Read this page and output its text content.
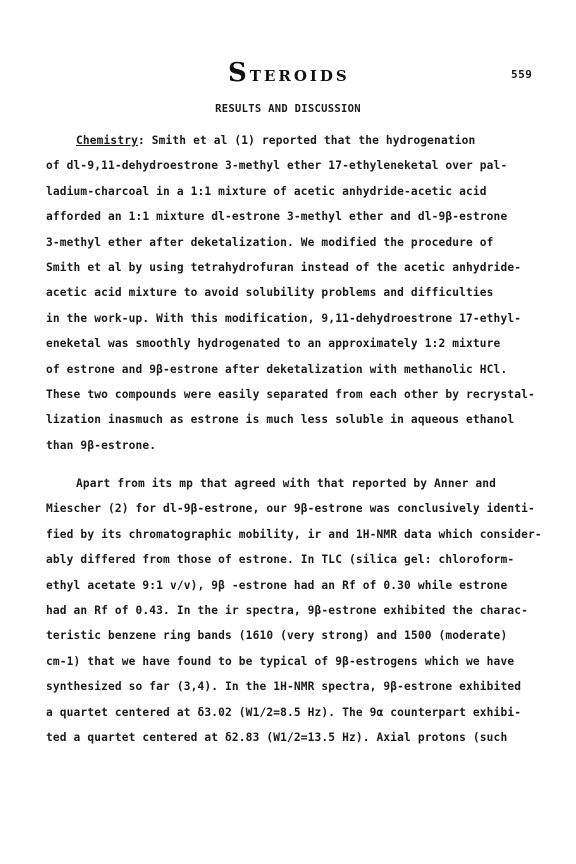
STEROIDS	559
RESULTS AND DISCUSSION
Chemistry: Smith et al (1) reported that the hydrogenation
of dl-9,11-dehydroestrone 3-methyl ether 17-ethyleneketal over pal-
ladium-charcoal in a 1:1 mixture of acetic anhydride-acetic acid
afforded an 1:1 mixture dl-estrone 3-methyl ether and dl-9β-estrone
3-methyl ether after deketalization. We modified the procedure of
Smith et al by using tetrahydrofuran instead of the acetic anhydride-
acetic acid mixture to avoid solubility problems and difficulties
in the work-up. With this modification, 9,11-dehydroestrone 17-ethyl-
eneketal was smoothly hydrogenated to an approximately 1:2 mixture
of estrone and 9β-estrone after deketalization with methanolic HCl.
These two compounds were easily separated from each other by recrystal-
lization inasmuch as estrone is much less soluble in aqueous ethanol
than 9β-estrone.
Apart from its mp that agreed with that reported by Anner and
Miescher (2) for dl-9β-estrone, our 9β-estrone was conclusively identi-
fied by its chromatographic mobility, ir and 1H-NMR data which consider-
ably differed from those of estrone. In TLC (silica gel: chloroform-
ethyl acetate 9:1 v/v), 9β -estrone had an Rf of 0.30 while estrone
had an Rf of 0.43. In the ir spectra, 9β-estrone exhibited the charac-
teristic benzene ring bands (1610 (very strong) and 1500 (moderate)
cm-1) that we have found to be typical of 9β-estrogens which we have
synthesized so far (3,4). In the 1H-NMR spectra, 9β-estrone exhibited
a quartet centered at δ3.02 (W1/2=8.5 Hz). The 9α counterpart exhibi-
ted a quartet centered at δ2.83 (W1/2=13.5 Hz). Axial protons (such
